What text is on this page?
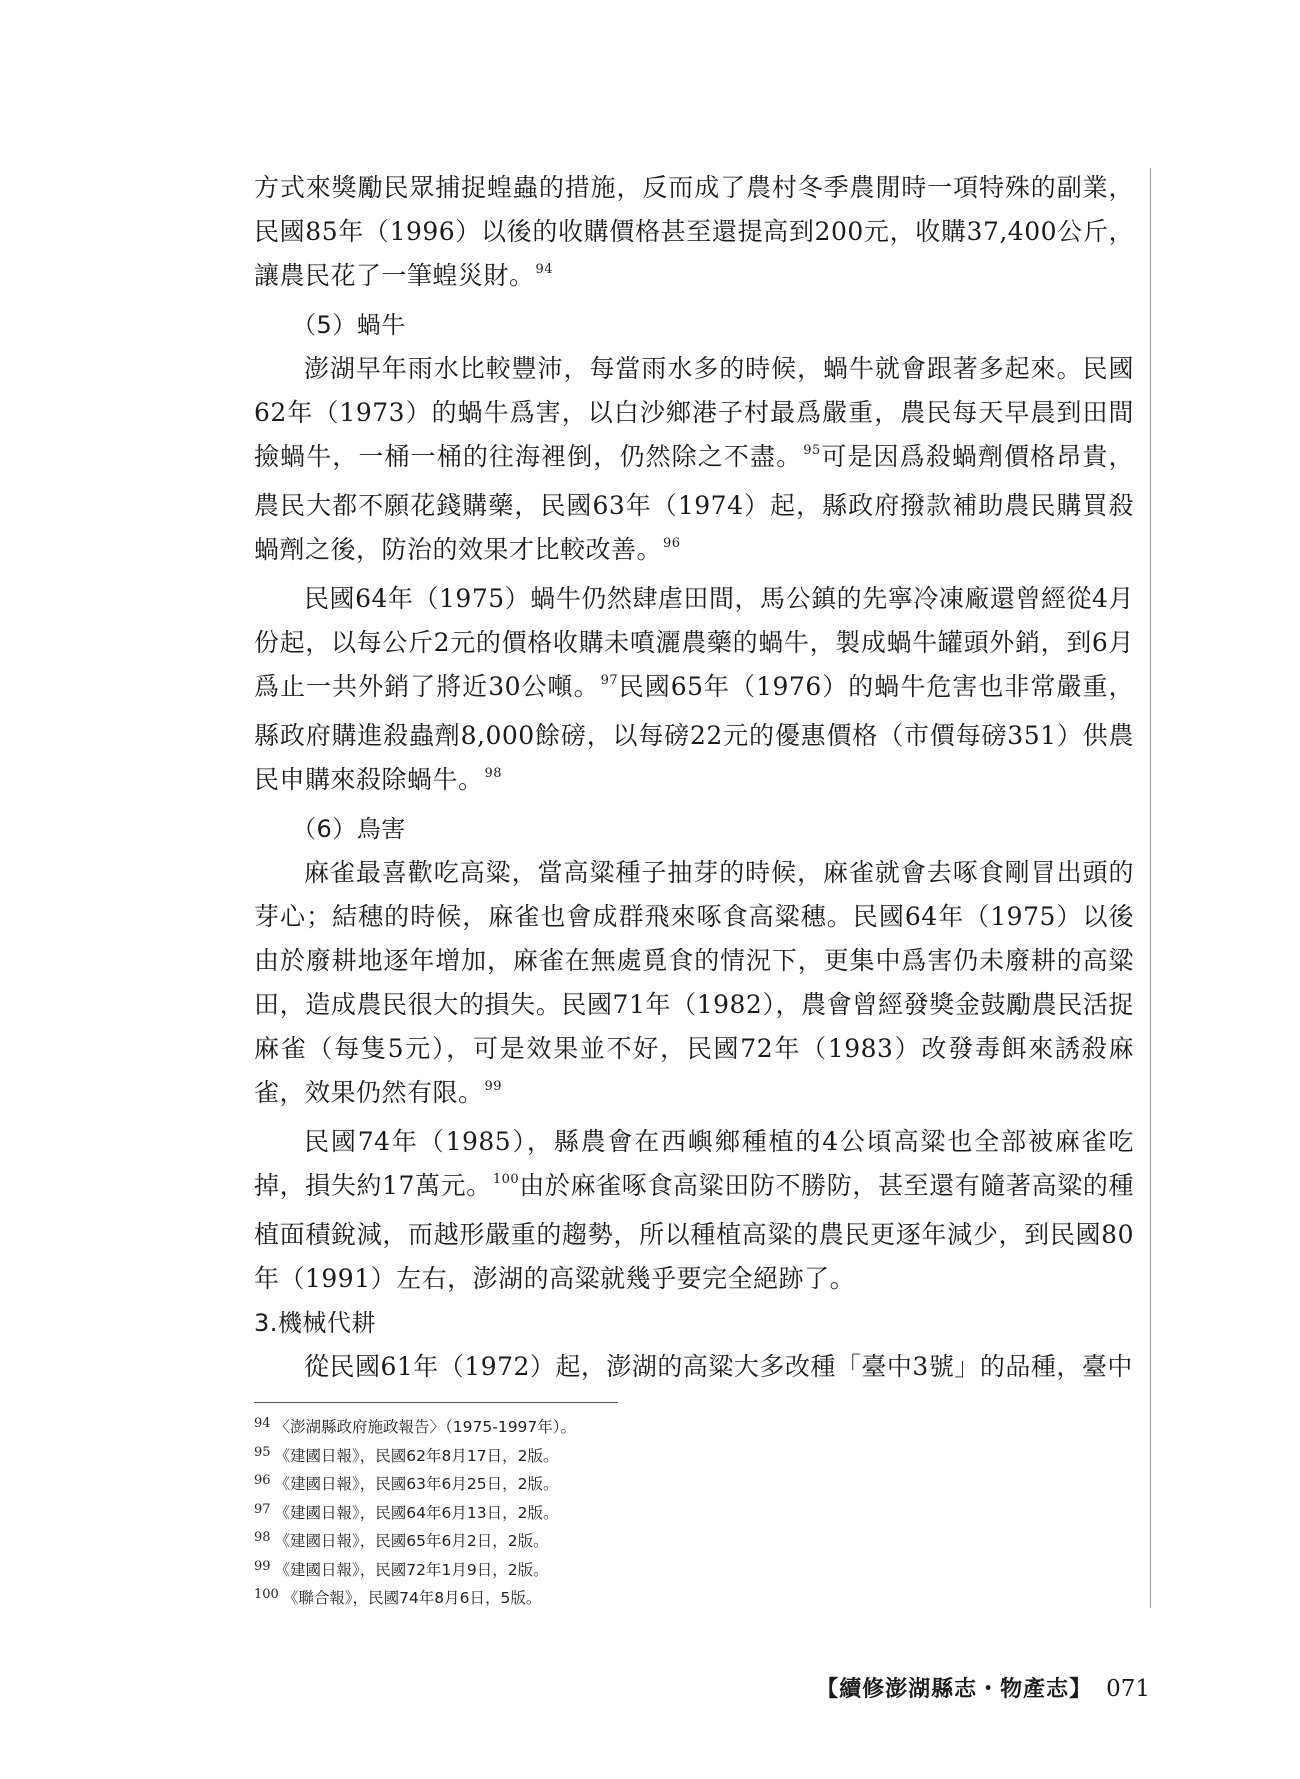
方式來獎勵民眾捕捉蝗蟲的措施，反而成了農村冬季農閒時一項特殊的副業，民國85年（1996）以後的收購價格甚至還提高到200元，收購37,400公斤，讓農民花了一筆蝗災財。$^{94}$

（5）蝸牛

澎湖早年雨水比較豐沛，每當雨水多的時候，蝸牛就會跟著多起來。民國62年（1973）的蝸牛爲害，以白沙鄉港子村最爲嚴重，農民每天早晨到田間撿蝸牛，一桶一桶的往海裡倒，仍然除之不盡。$^{95}$可是因爲殺蝸劑價格昂貴，農民大都不願花錢購藥，民國63年（1974）起，縣政府撥款補助農民購買殺蝸劑之後，防治的效果才比較改善。$^{96}$

民國64年（1975）蝸牛仍然肆虐田間，馬公鎮的先寧冷凍廠還曾經從4月份起，以每公斤2元的價格收購未噴灑農藥的蝸牛，製成蝸牛罐頭外銷，到6月爲止一共外銷了將近30公噸。$^{97}$民國65年（1976）的蝸牛危害也非常嚴重，縣政府購進殺蟲劑8,000餘磅，以每磅22元的優惠價格（市價每磅351）供農民申購來殺除蝸牛。$^{98}$

（6）鳥害

麻雀最喜歡吃高粱，當高粱種子抽芽的時候，麻雀就會去啄食剛冒出頭的芽心；結穗的時候，麻雀也會成群飛來啄食高粱穗。民國64年（1975）以後由於廢耕地逐年增加，麻雀在無處覓食的情況下，更集中爲害仍未廢耕的高粱田，造成農民很大的損失。民國71年（1982），農會曾經發獎金鼓勵農民活捉麻雀（每隻5元），可是效果並不好，民國72年（1983）改發毒餌來誘殺麻雀，效果仍然有限。$^{99}$

民國74年（1985），縣農會在西嶼鄉種植的4公頃高粱也全部被麻雀吃掉，損失約17萬元。$^{100}$由於麻雀啄食高粱田防不勝防，甚至還有隨著高粱的種植面積銳減，而越形嚴重的趨勢，所以種植高粱的農民更逐年減少，到民國80年（1991）左右，澎湖的高粱就幾乎要完全絕跡了。

3.機械代耕

從民國61年（1972）起，澎湖的高粱大多改種「臺中3號」的品種，臺中

$^{94}$ 〈澎湖縣政府施政報告〉（1975-1997年）。

$^{95}$ 《建國日報》，民國62年8月17日，2版。

$^{96}$ 《建國日報》，民國63年6月25日，2版。

$^{97}$ 《建國日報》，民國64年6月13日，2版。

$^{98}$ 《建國日報》，民國65年6月2日，2版。

$^{99}$ 《建國日報》，民國72年1月9日，2版。

$^{100}$ 《聯合報》，民國74年8月6日，5版。

【續修澎湖縣志・物產志】 071
